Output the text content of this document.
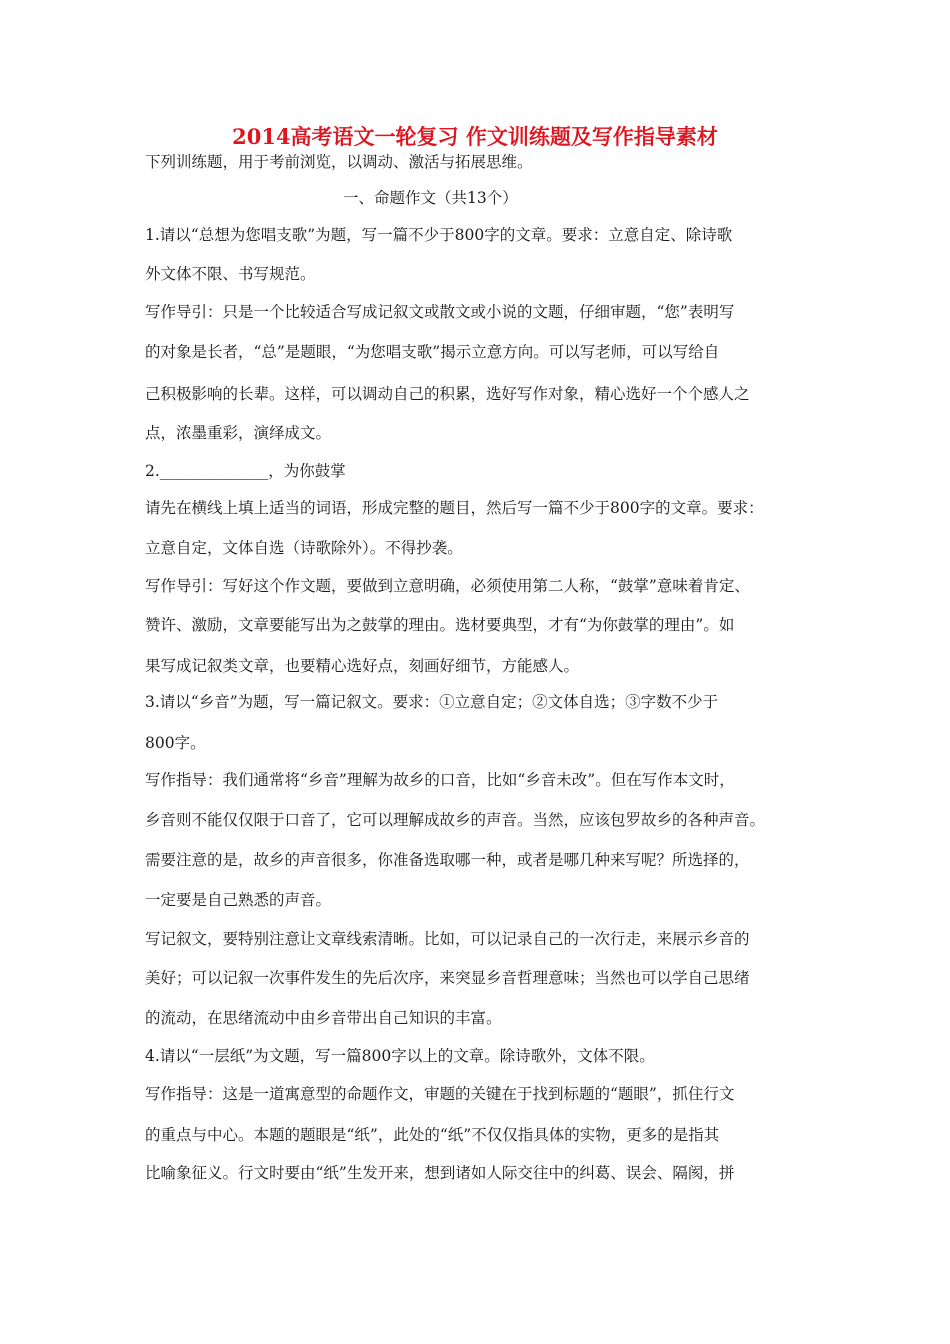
2014高考语文一轮复习 作文训练题及写作指导素材
下列训练题，用于考前浏览，以调动、激活与拓展思维。
一、命题作文（共13个）
1.请以“总想为您唱支歌”为题，写一篇不少于800字的文章。要求：立意自定、除诗歌
外文体不限、书写规范。
写作导引：只是一个比较适合写成记叙文或散文或小说的文题，仔细审题，“您”表明写
的对象是长者，“总”是题眼，“为您唱支歌”揭示立意方向。可以写老师，可以写给自
己积极影响的长辈。这样，可以调动自己的积累，选好写作对象，精心选好一个个感人之
点，浓墨重彩，演绎成文。
2.______________，为你鼓掌
请先在横线上填上适当的词语，形成完整的题目，然后写一篇不少于800字的文章。要求：
立意自定，文体自选（诗歌除外）。不得抄袭。
写作导引：写好这个作文题，要做到立意明确，必须使用第二人称，“鼓掌”意味着肯定、
赞许、激励，文章要能写出为之鼓掌的理由。选材要典型，才有“为你鼓掌的理由”。如
果写成记叙类文章，也要精心选好点，刻画好细节，方能感人。
3.请以“乡音”为题，写一篇记叙文。要求：①立意自定；②文体自选；③字数不少于
800字。
写作指导：我们通常将“乡音”理解为故乡的口音，比如“乡音未改”。但在写作本文时，
乡音则不能仅仅限于口音了，它可以理解成故乡的声音。当然，应该包罗故乡的各种声音。
需要注意的是，故乡的声音很多，你准备选取哪一种，或者是哪几种来写呢？所选择的，
一定要是自己熟悉的声音。
写记叙文，要特别注意让文章线索清晰。比如，可以记录自己的一次行走，来展示乡音的
美好；可以记叙一次事件发生的先后次序，来突显乡音哲理意味；当然也可以学自己思绪
的流动，在思绪流动中由乡音带出自己知识的丰富。
4.请以“一层纸”为文题，写一篇800字以上的文章。除诗歌外，文体不限。
写作指导：这是一道寓意型的命题作文，审题的关键在于找到标题的“题眼”，抓住行文
的重点与中心。本题的题眼是“纸”，此处的“纸”不仅仅指具体的实物，更多的是指其
比喻象征义。行文时要由“纸”生发开来，想到诸如人际交往中的纠葛、误会、隔阂，拼
